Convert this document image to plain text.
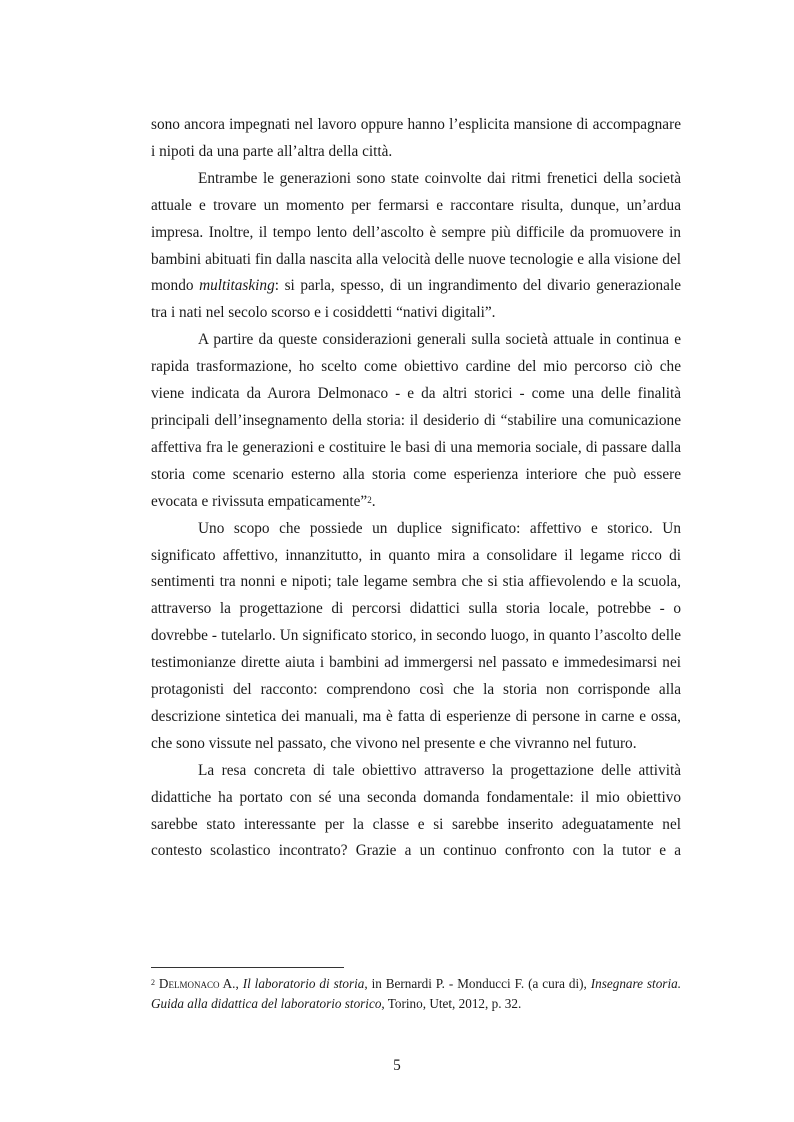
sono ancora impegnati nel lavoro oppure hanno l’esplicita mansione di accompagnare i nipoti da una parte all’altra della città.

Entrambe le generazioni sono state coinvolte dai ritmi frenetici della società attuale e trovare un momento per fermarsi e raccontare risulta, dunque, un’ardua impresa. Inoltre, il tempo lento dell’ascolto è sempre più difficile da promuovere in bambini abituati fin dalla nascita alla velocità delle nuove tecnologie e alla visione del mondo multitasking: si parla, spesso, di un ingrandimento del divario generazionale tra i nati nel secolo scorso e i cosiddetti “nativi digitali”.

A partire da queste considerazioni generali sulla società attuale in continua e rapida trasformazione, ho scelto come obiettivo cardine del mio percorso ciò che viene indicata da Aurora Delmonaco - e da altri storici - come una delle finalità principali dell’insegnamento della storia: il desiderio di “stabilire una comunicazione affettiva fra le generazioni e costituire le basi di una memoria sociale, di passare dalla storia come scenario esterno alla storia come esperienza interiore che può essere evocata e rivissuta empaticamente”$^2$.

Uno scopo che possiede un duplice significato: affettivo e storico. Un significato affettivo, innanzitutto, in quanto mira a consolidare il legame ricco di sentimenti tra nonni e nipoti; tale legame sembra che si stia affievolendo e la scuola, attraverso la progettazione di percorsi didattici sulla storia locale, potrebbe - o dovrebbe - tutelarlo. Un significato storico, in secondo luogo, in quanto l’ascolto delle testimonianze dirette aiuta i bambini ad immergersi nel passato e immedesimarsi nei protagonisti del racconto: comprendono così che la storia non corrisponde alla descrizione sintetica dei manuali, ma è fatta di esperienze di persone in carne e ossa, che sono vissute nel passato, che vivono nel presente e che vivranno nel futuro.

La resa concreta di tale obiettivo attraverso la progettazione delle attività didattiche ha portato con sé una seconda domanda fondamentale: il mio obiettivo sarebbe stato interessante per la classe e si sarebbe inserito adeguatamente nel contesto scolastico incontrato? Grazie a un continuo confronto con la tutor e a

$^2$ Delmonaco A., Il laboratorio di storia, in Bernardi P. - Monducci F. (a cura di), Insegnare storia. Guida alla didattica del laboratorio storico, Torino, Utet, 2012, p. 32.
5
